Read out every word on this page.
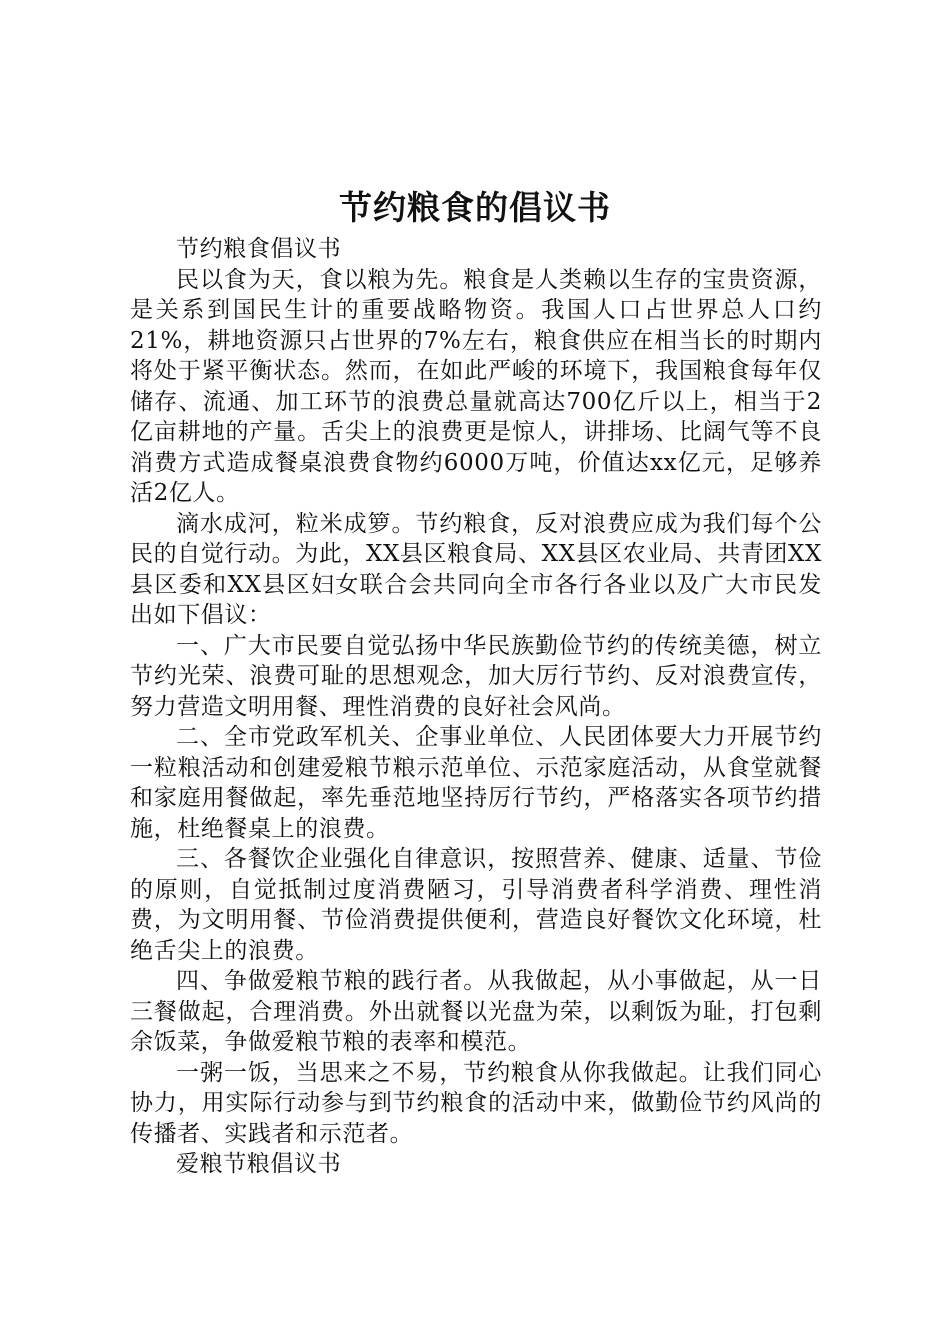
节约粮食的倡议书

节约粮食倡议书

民以食为天，食以粮为先。粮食是人类赖以生存的宝贵资源，是关系到国民生计的重要战略物资。我国人口占世界总人口约21%，耕地资源只占世界的7%左右，粮食供应在相当长的时期内将处于紧平衡状态。然而，在如此严峻的环境下，我国粮食每年仅储存、流通、加工环节的浪费总量就高达700亿斤以上，相当于2亿亩耕地的产量。舌尖上的浪费更是惊人，讲排场、比阔气等不良消费方式造成餐桌浪费食物约6000万吨，价值达xx亿元，足够养活2亿人。

滴水成河，粒米成箩。节约粮食，反对浪费应成为我们每个公民的自觉行动。为此，XX县区粮食局、XX县区农业局、共青团XX县区委和XX县区妇女联合会共同向全市各行各业以及广大市民发出如下倡议：

一、广大市民要自觉弘扬中华民族勤俭节约的传统美德，树立节约光荣、浪费可耻的思想观念，加大厉行节约、反对浪费宣传，努力营造文明用餐、理性消费的良好社会风尚。

二、全市党政军机关、企事业单位、人民团体要大力开展节约一粒粮活动和创建爱粮节粮示范单位、示范家庭活动，从食堂就餐和家庭用餐做起，率先垂范地坚持厉行节约，严格落实各项节约措施，杜绝餐桌上的浪费。

三、各餐饮企业强化自律意识，按照营养、健康、适量、节俭的原则，自觉抵制过度消费陋习，引导消费者科学消费、理性消费，为文明用餐、节俭消费提供便利，营造良好餐饮文化环境，杜绝舌尖上的浪费。

四、争做爱粮节粮的践行者。从我做起，从小事做起，从一日三餐做起，合理消费。外出就餐以光盘为荣，以剩饭为耻，打包剩余饭菜，争做爱粮节粮的表率和模范。

一粥一饭，当思来之不易，节约粮食从你我做起。让我们同心协力，用实际行动参与到节约粮食的活动中来，做勤俭节约风尚的传播者、实践者和示范者。

爱粮节粮倡议书
